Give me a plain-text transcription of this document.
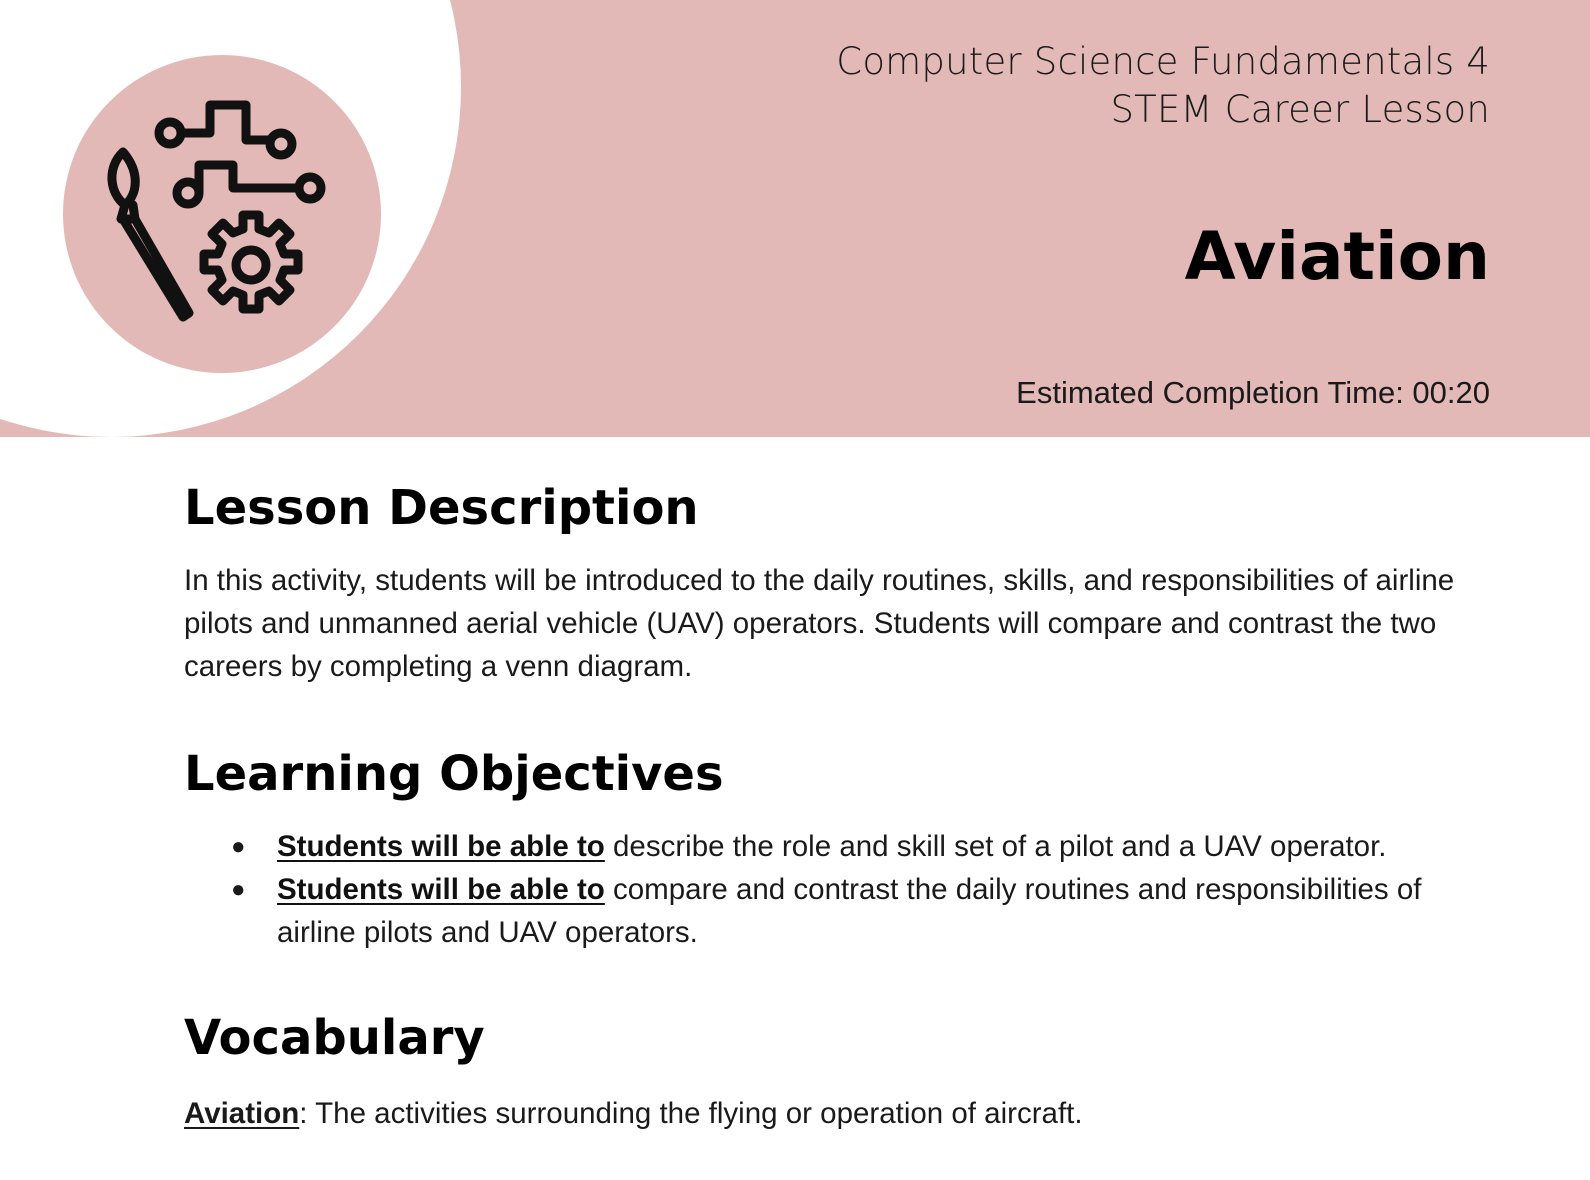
Computer Science Fundamentals 4
STEM Career Lesson
Aviation
Estimated Completion Time: 00:20
Lesson Description

In this activity, students will be introduced to the daily routines, skills, and responsibilities of airline pilots and unmanned aerial vehicle (UAV) operators. Students will compare and contrast the two careers by completing a venn diagram.

Learning Objectives
● Students will be able to describe the role and skill set of a pilot and a UAV operator.
● Students will be able to compare and contrast the daily routines and responsibilities of airline pilots and UAV operators.
Vocabulary

Aviation: The activities surrounding the flying or operation of aircraft.
